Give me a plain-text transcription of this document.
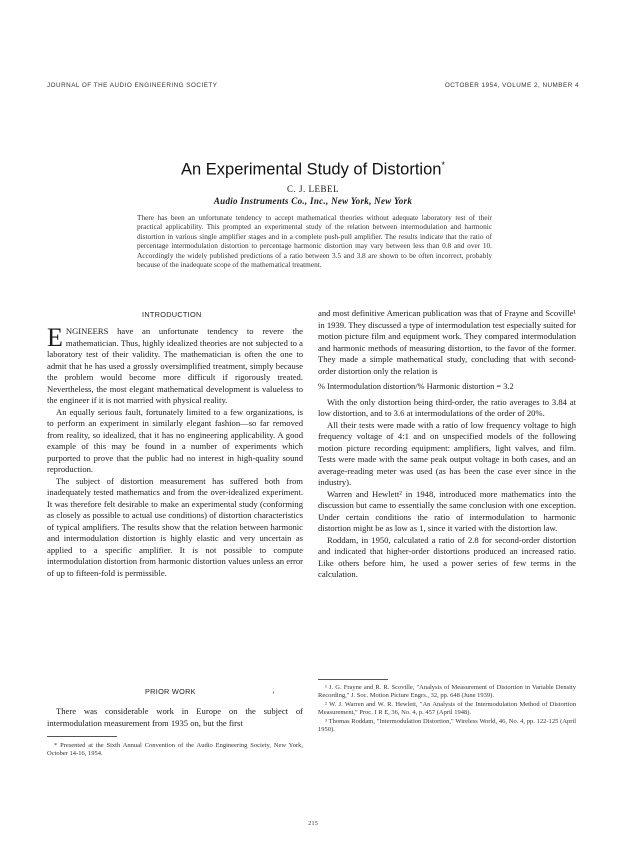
JOURNAL OF THE AUDIO ENGINEERING SOCIETY	OCTOBER 1954, VOLUME 2, NUMBER 4
An Experimental Study of Distortion*
C. J. LEBEL
Audio Instruments Co., Inc., New York, New York

There has been an unfortunate tendency to accept mathematical theories without adequate laboratory test of their practical applicability. This prompted an experimental study of the relation between intermodulation and harmonic distortion in various single amplifier stages and in a complete push-pull amplifier. The results indicate that the ratio of percentage intermodulation distortion to percentage harmonic distortion may vary between less than 0.8 and over 10. Accordingly the widely published predictions of a ratio between 3.5 and 3.8 are shown to be often incorrect, probably because of the inadequate scope of the mathematical treatment.

INTRODUCTION

ENGINEERS have an unfortunate tendency to revere the mathematician. Thus, highly idealized theories are not subjected to a laboratory test of their validity. The mathematician is often the one to admit that he has used a grossly oversimplified treatment, simply because the problem would become more difficult if rigorously treated. Nevertheless, the most elegant mathematical development is valueless to the engineer if it is not married with physical reality.

An equally serious fault, fortunately limited to a few organizations, is to perform an experiment in similarly elegant fashion—so far removed from reality, so idealized, that it has no engineering applicability. A good example of this may be found in a number of experiments which purported to prove that the public had no interest in high-quality sound reproduction.

The subject of distortion measurement has suffered both from inadequately tested mathematics and from the over-idealized experiment. It was therefore felt desirable to make an experimental study (conforming as closely as possible to actual use conditions) of distortion characteristics of typical amplifiers. The results show that the relation between harmonic and intermodulation distortion is highly elastic and very uncertain as applied to a specific amplifier. It is not possible to compute intermodulation distortion from harmonic distortion values unless an error of up to fifteen-fold is permissible.

PRIOR WORK	’

There was considerable work in Europe on the subject of intermodulation measurement from 1935 on, but the first

* Presented at the Sixth Annual Convention of the Audio Engineering Society, New York, October 14-16, 1954.

and most definitive American publication was that of Frayne and Scoville¹ in 1939. They discussed a type of intermodulation test especially suited for motion picture film and equipment work. They compared intermodulation and harmonic methods of measuring distortion, to the favor of the former. They made a simple mathematical study, concluding that with second-order distortion only the relation is

% Intermodulation distortion/% Harmonic distortion = 3.2

With the only distortion being third-order, the ratio averages to 3.84 at low distortion, and to 3.6 at intermodulations of the order of 20%.

All their tests were made with a ratio of low frequency voltage to high frequency voltage of 4:1 and on unspecified models of the following motion picture recording equipment: amplifiers, light valves, and film. Tests were made with the same peak output voltage in both cases, and an average-reading meter was used (as has been the case ever since in the industry).

Warren and Hewlett² in 1948, introduced more mathematics into the discussion but came to essentially the same conclusion with one exception. Under certain conditions the ratio of intermodulation to harmonic distortion might be as low as 1, since it varied with the distortion law.

Roddam, in 1950, calculated a ratio of 2.8 for second-order distortion and indicated that higher-order distortions produced an increased ratio. Like others before him, he used a power series of few terms in the calculation.

¹ J. G. Frayne and R. R. Scoville, "Analysis of Measurement of Distortion in Variable Density Recording," J. Soc. Motion Picture Engrs., 32, pp. 648 (June 1939).

² W. J. Warren and W. R. Hewlett, "An Analysis of the Intermodulation Method of Distortion Measurement," Proc. I R E, 36, No. 4, p. 457 (April 1948).

³ Thomas Roddam, "Intermodulation Distortion," Wireless World, 46, No. 4, pp. 122-125 (April 1950).

215
